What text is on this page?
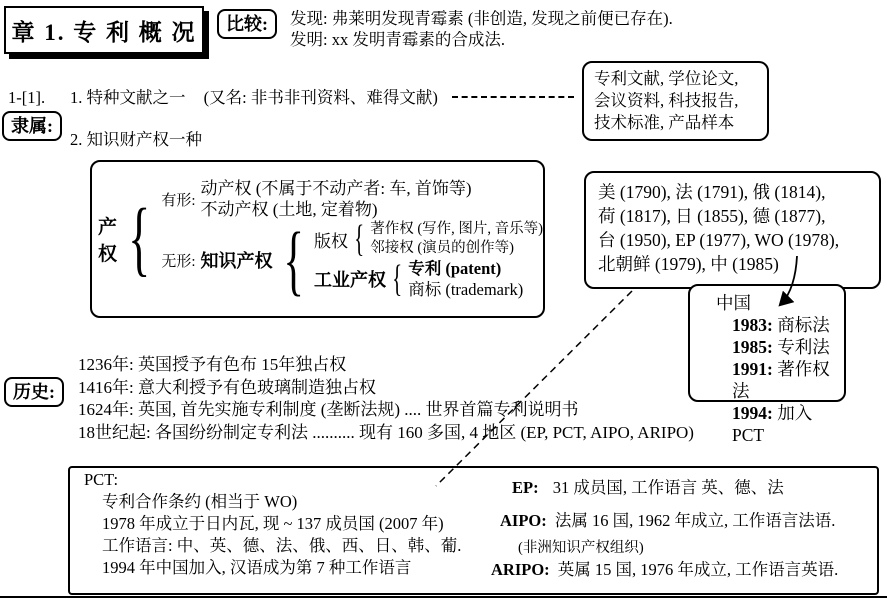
章 1. 专 利 概 况	比较:	发现: 弗莱明发现青霉素 (非创造, 发现之前便已存在).
发明: xx 发明青霉素的合成法.
1-[1]. 1. 特种文献之一 (又名: 非书非刊资料、难得文献)
专利文献, 学位论文,
会议资料, 科技报告,
技术标准, 产品样本
隶属:
2. 知识财产权一种
产权
{
有形:
动产权 (不属于不动产者: 车, 首饰等)
不动产权 (土地, 定着物)
无形: 知识产权
{
版权
{
著作权 (写作, 图片, 音乐等)
邻接权 (演员的创作等)
工业产权
{
专利 (patent)
商标 (trademark)
美 (1790), 法 (1791), 俄 (1814),
荷 (1817), 日 (1855), 德 (1877),
台 (1950), EP (1977), WO (1978),
北朝鲜 (1979), 中 (1985)
中国
1983: 商标法
1985: 专利法
1991: 著作权法
1994: 加入 PCT
历史:
1236年: 英国授予有色布 15年独占权
1416年: 意大利授予有色玻璃制造独占权
1624年: 英国, 首先实施专利制度 (垄断法规) .... 世界首篇专利说明书
18世纪起: 各国纷纷制定专利法 .......... 现有 160 多国, 4 地区 (EP, PCT, AIPO, ARIPO)
PCT:
专利合作条约 (相当于 WO)
1978 年成立于日内瓦, 现 ~ 137 成员国 (2007 年)
工作语言: 中、英、德、法、俄、西、日、韩、葡.
1994 年中国加入, 汉语成为第 7 种工作语言
EP: 31 成员国, 工作语言 英、德、法
AIPO: 法属 16 国, 1962 年成立, 工作语言法语.
(非洲知识产权组织)
ARIPO: 英属 15 国, 1976 年成立, 工作语言英语.
